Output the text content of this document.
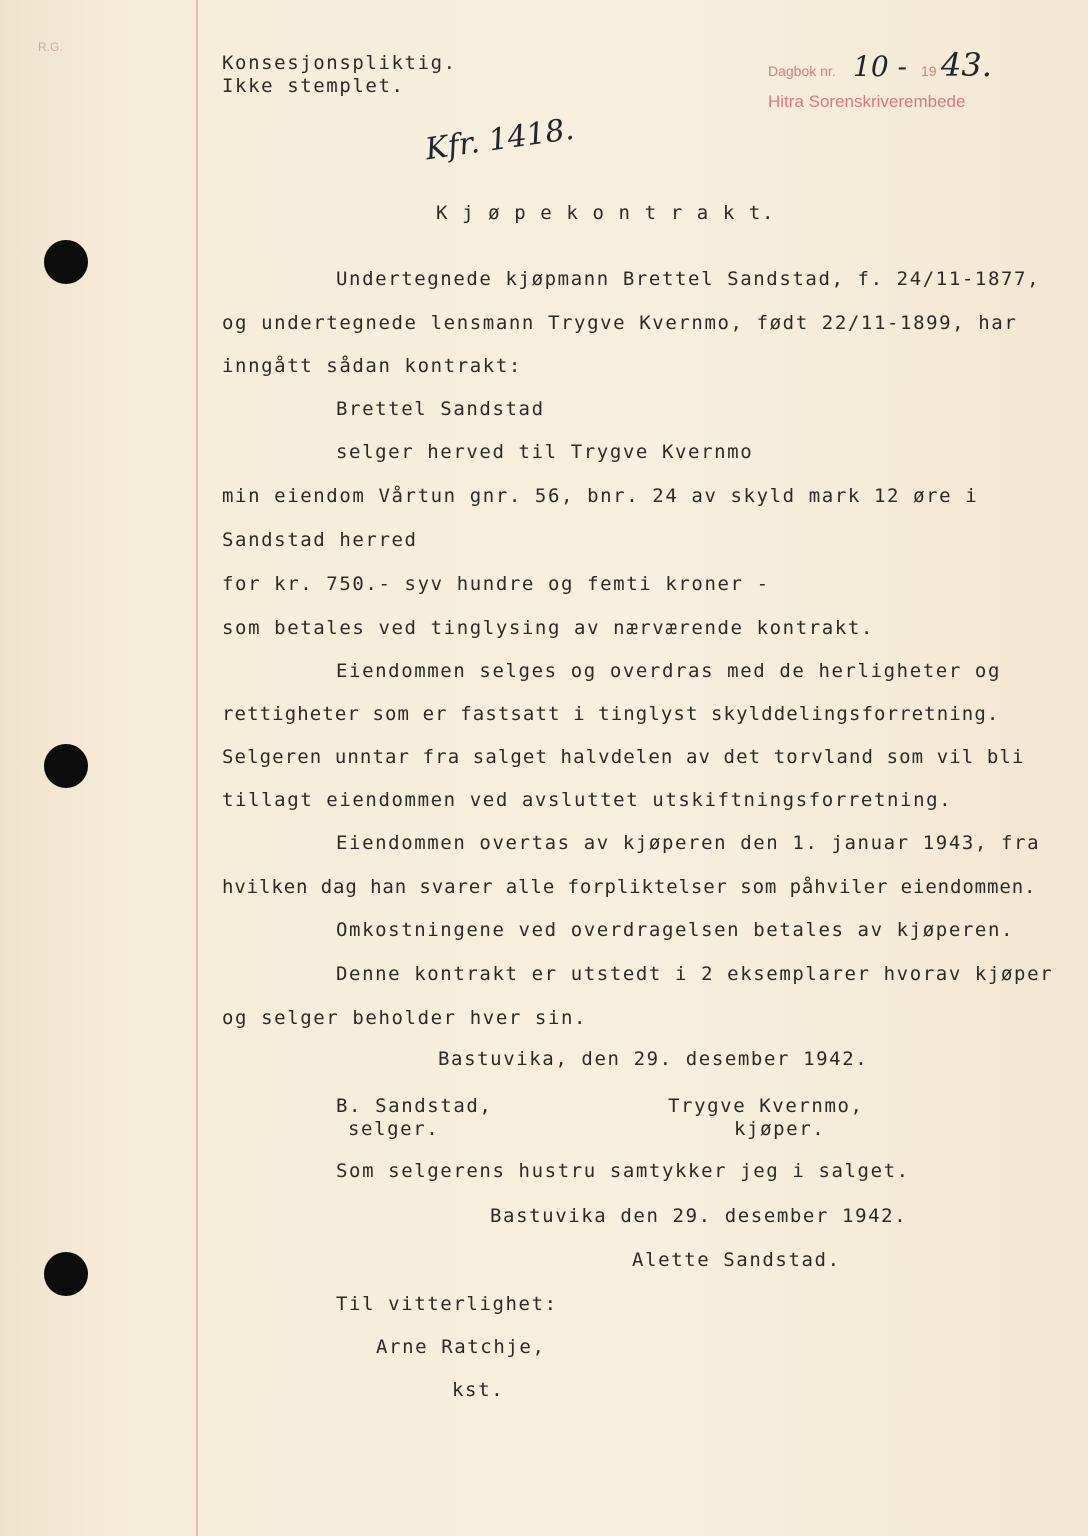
R.G.
Konsesjonspliktig.
Ikke stemplet.
Dagbok nr. 10 - 19 43.
Hitra Sorenskriverembede
Kfr. 1418.
K j ø p e k o n t r a k t.
Undertegnede kjøpmann Brettel Sandstad, f. 24/11-1877,
og undertegnede lensmann Trygve Kvernmo, født 22/11-1899, har
inngått sådan kontrakt:
Brettel Sandstad
selger herved til Trygve Kvernmo
min eiendom Vårtun gnr. 56, bnr. 24 av skyld mark 12 øre i
Sandstad herred
for kr. 750.- syv hundre og femti kroner -
som betales ved tinglysing av nærværende kontrakt.
Eiendommen selges og overdras med de herligheter og
rettigheter som er fastsatt i tinglyst skylddelingsforretning.
Selgeren unntar fra salget halvdelen av det torvland som vil bli
tillagt eiendommen ved avsluttet utskiftningsforretning.
Eiendommen overtas av kjøperen den 1. januar 1943, fra
hvilken dag han svarer alle forpliktelser som påhviler eiendommen.
Omkostningene ved overdragelsen betales av kjøperen.
Denne kontrakt er utstedt i 2 eksemplarer hvorav kjøper
og selger beholder hver sin.
Bastuvika, den 29. desember 1942.
B. Sandstad,
selger.
Trygve Kvernmo,
kjøper.
Som selgerens hustru samtykker jeg i salget.
Bastuvika den 29. desember 1942.
Alette Sandstad.
Til vitterlighet:
Arne Ratchje,
kst.
